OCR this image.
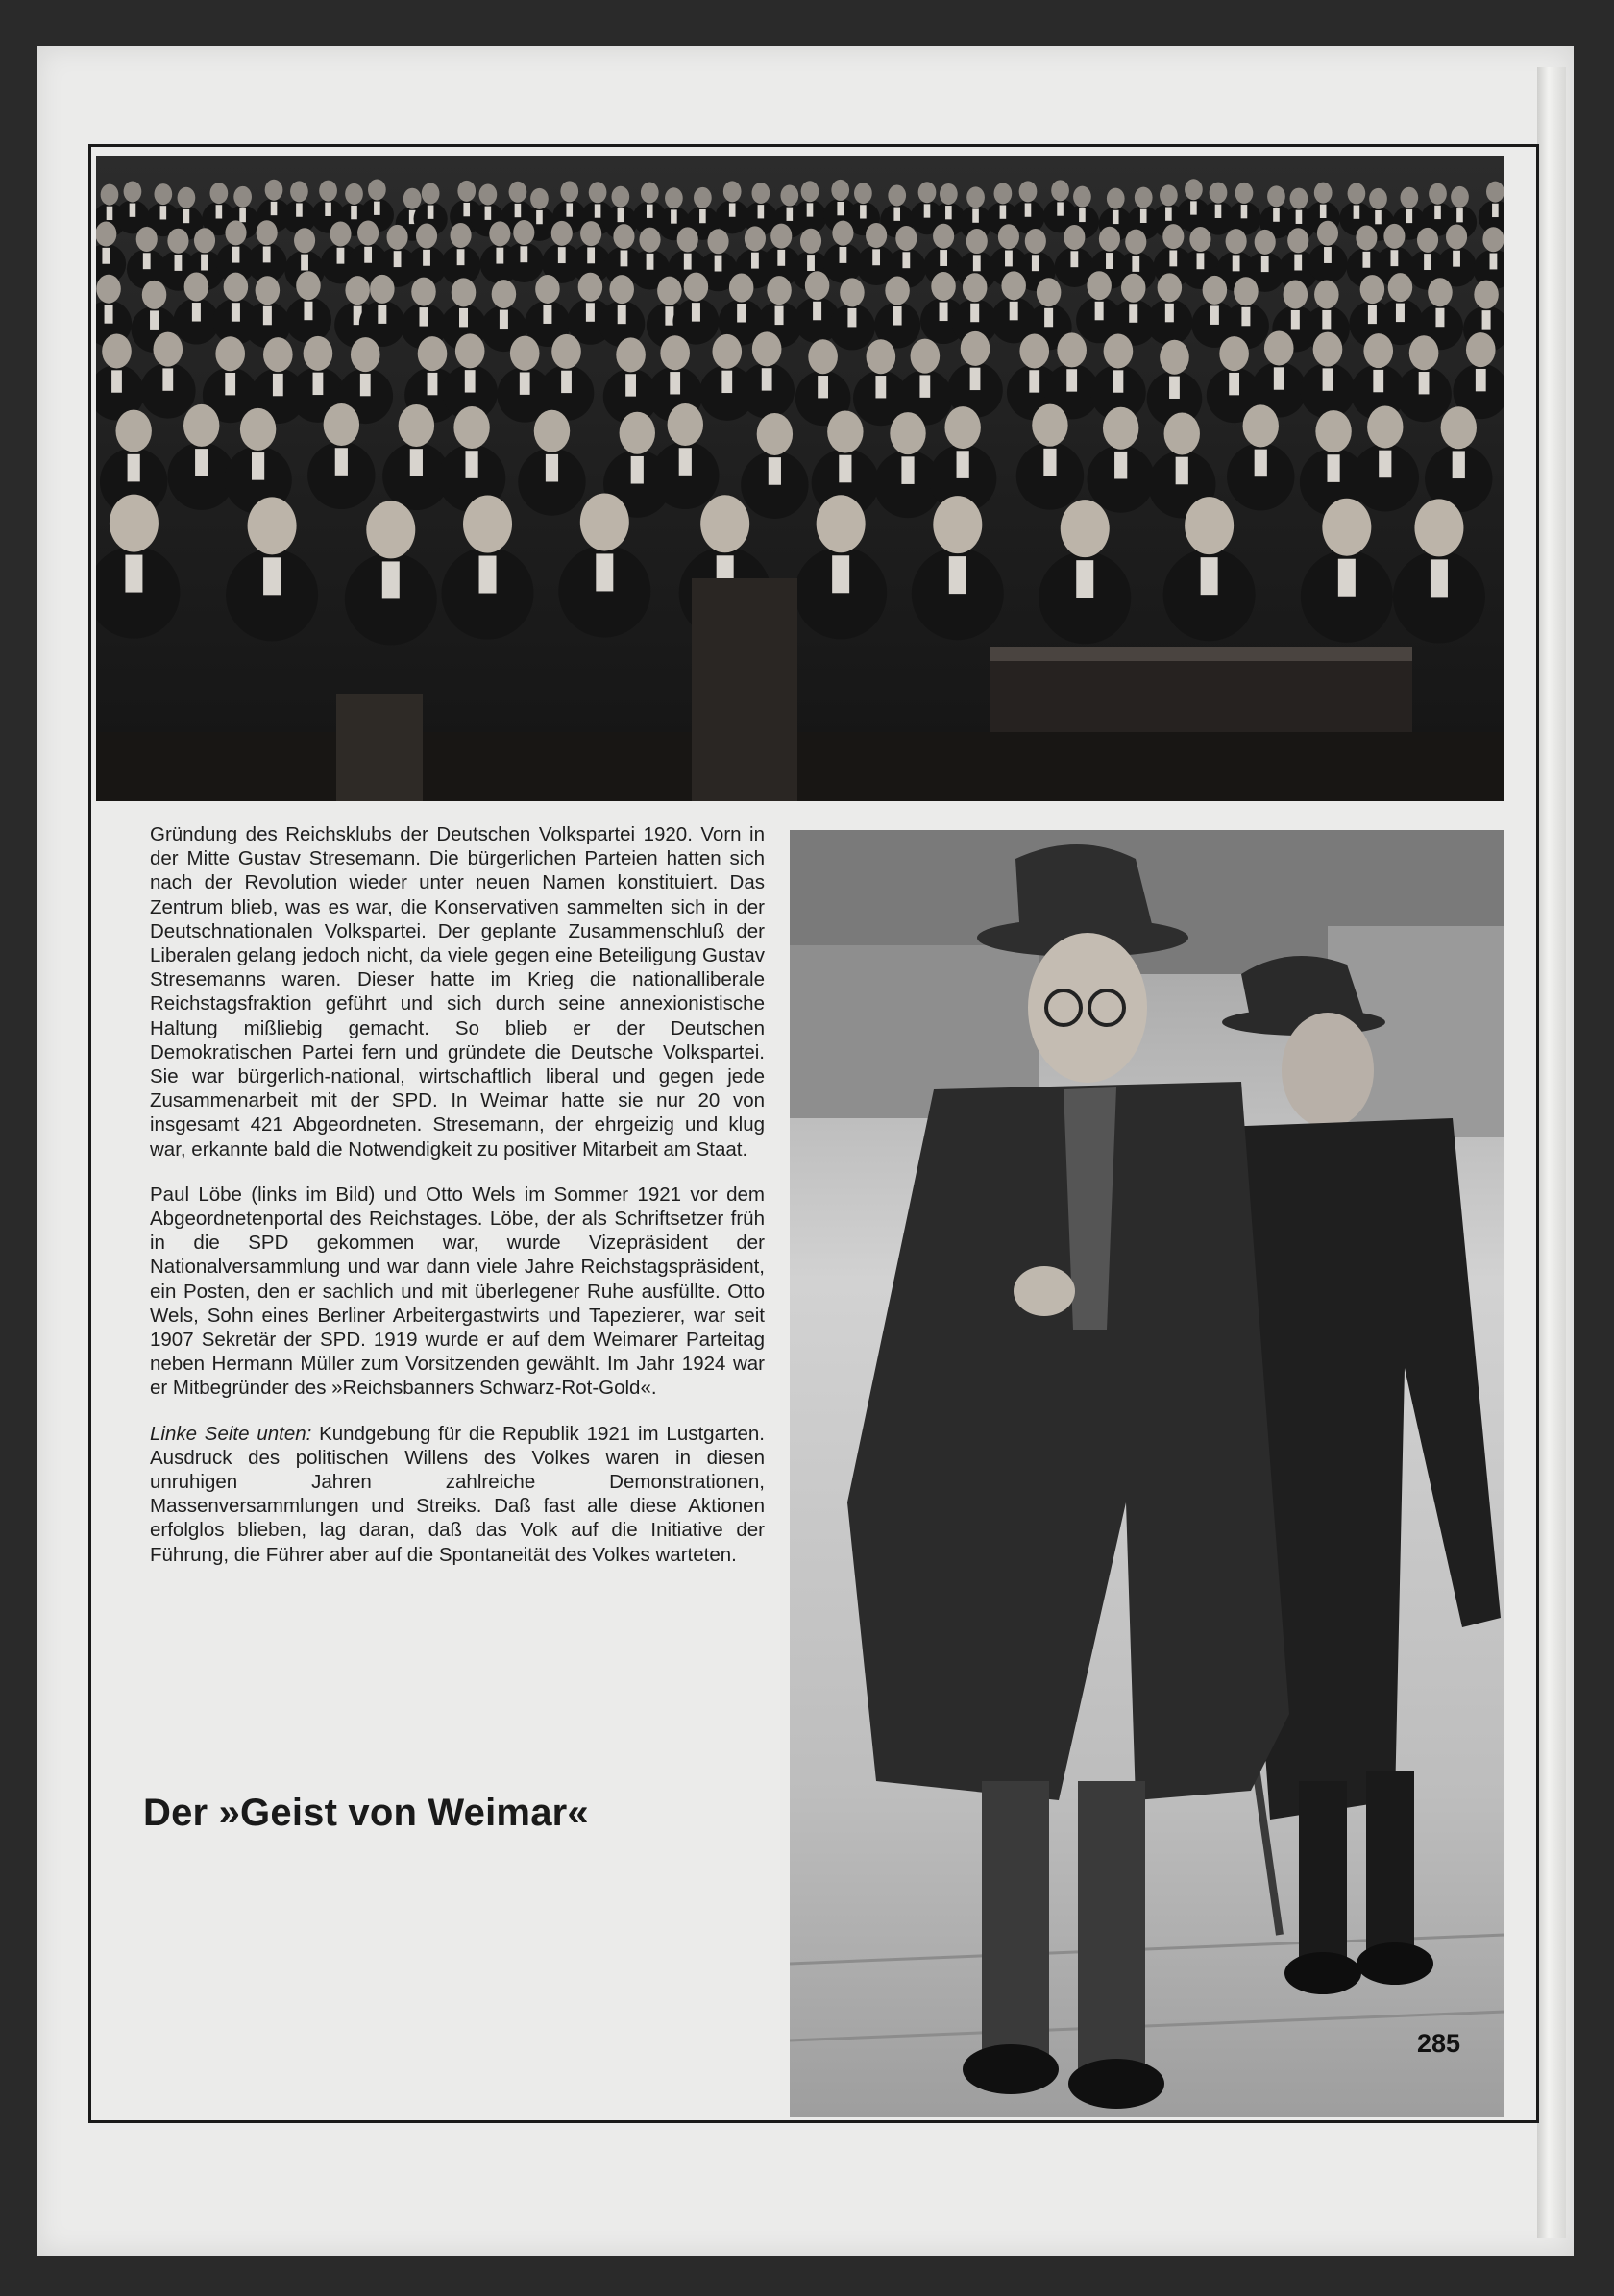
285

Gründung des Reichsklubs der Deutschen Volkspartei 1920. Vorn in der Mitte Gustav Stresemann. Die bürgerlichen Parteien hatten sich nach der Revolution wieder unter neuen Namen konstituiert. Das Zentrum blieb, was es war, die Konservativen sammelten sich in der Deutschnationalen Volkspartei. Der geplante Zusammenschluß der Liberalen gelang jedoch nicht, da viele gegen eine Beteiligung Gustav Stresemanns waren. Dieser hatte im Krieg die nationalliberale Reichstagsfraktion geführt und sich durch seine annexionistische Haltung mißliebig gemacht. So blieb er der Deutschen Demokratischen Partei fern und gründete die Deutsche Volkspartei. Sie war bürgerlich-national, wirtschaftlich liberal und gegen jede Zusammenarbeit mit der SPD. In Weimar hatte sie nur 20 von insgesamt 421 Abgeordneten. Stresemann, der ehrgeizig und klug war, erkannte bald die Notwendigkeit zu positiver Mitarbeit am Staat.

Paul Löbe (links im Bild) und Otto Wels im Sommer 1921 vor dem Abgeordnetenportal des Reichstages. Löbe, der als Schriftsetzer früh in die SPD gekommen war, wurde Vizepräsident der Nationalversammlung und war dann viele Jahre Reichstagspräsident, ein Posten, den er sachlich und mit überlegener Ruhe ausfüllte. Otto Wels, Sohn eines Berliner Arbeitergastwirts und Tapezierer, war seit 1907 Sekretär der SPD. 1919 wurde er auf dem Weimarer Parteitag neben Hermann Müller zum Vorsitzenden gewählt. Im Jahr 1924 war er Mitbegründer des »Reichsbanners Schwarz-Rot-Gold«.

Linke Seite unten: Kundgebung für die Republik 1921 im Lustgarten. Ausdruck des politischen Willens des Volkes waren in diesen unruhigen Jahren zahlreiche Demonstrationen, Massenversammlungen und Streiks. Daß fast alle diese Aktionen erfolglos blieben, lag daran, daß das Volk auf die Initiative der Führung, die Führer aber auf die Spontaneität des Volkes warteten.

Der »Geist von Weimar«
